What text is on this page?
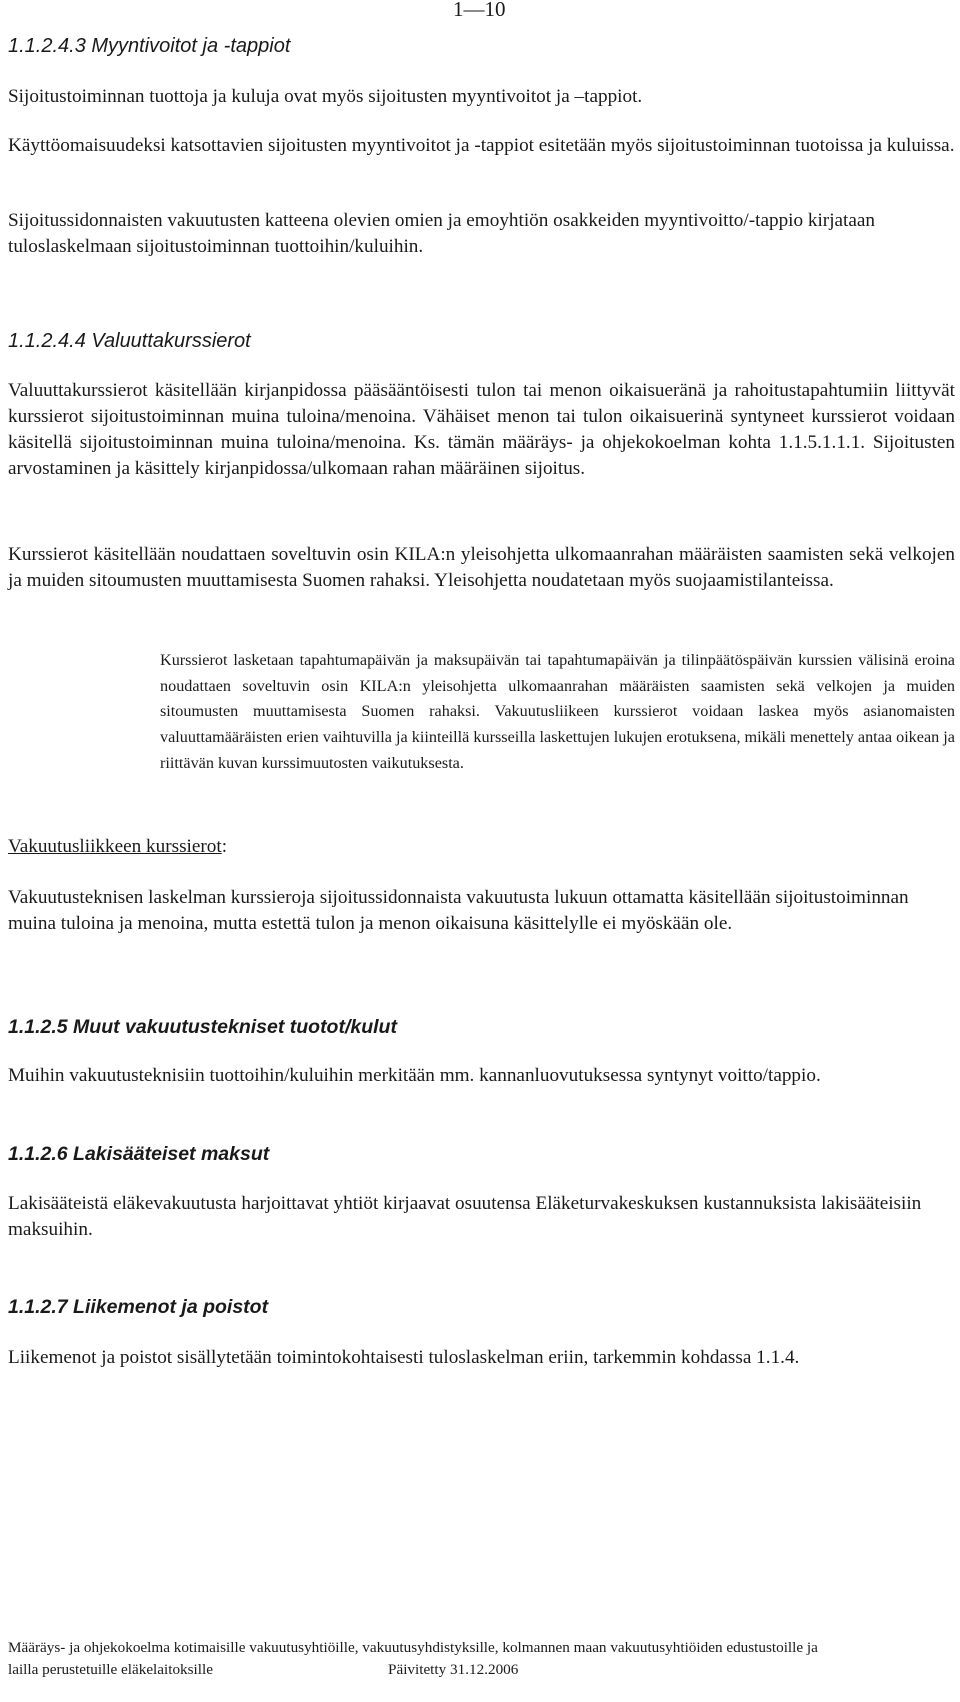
1—10
1.1.2.4.3 Myyntivoitot ja -tappiot
Sijoitustoiminnan tuottoja ja kuluja ovat myös sijoitusten myyntivoitot ja –tappiot.
Käyttöomaisuudeksi katsottavien sijoitusten myyntivoitot ja -tappiot esitetään myös sijoitustoiminnan tuotoissa ja kuluissa.
Sijoitussidonnaisten vakuutusten katteena olevien omien ja emoyhtiön osakkeiden myyntivoitto/-tappio kirjataan tuloslaskelmaan sijoitustoiminnan tuottoihin/kuluihin.
1.1.2.4.4 Valuuttakurssierot
Valuuttakurssierot käsitellään kirjanpidossa pääsääntöisesti tulon tai menon oikaisueränä ja rahoitustapahtumiin liittyvät kurssierot sijoitustoiminnan muina tuloina/menoina. Vähäiset menon tai tulon oikaisuerinä syntyneet kurssierot voidaan käsitellä sijoitustoiminnan muina tuloina/menoina. Ks. tämän määräys- ja ohjekokoelman kohta 1.1.5.1.1.1. Sijoitusten arvostaminen ja käsittely kirjanpidossa/ulkomaan rahan määräinen sijoitus.
Kurssierot käsitellään noudattaen soveltuvin osin KILA:n yleisohjetta ulkomaanrahan määräisten saamisten sekä velkojen ja muiden sitoumusten muuttamisesta Suomen rahaksi. Yleisohjetta noudatetaan myös suojaamistilanteissa.
Kurssierot lasketaan tapahtumapäivän ja maksupäivän tai tapahtumapäivän ja tilinpäätöspäivän kurssien välisinä eroina noudattaen soveltuvin osin KILA:n yleisohjetta ulkomaanrahan määräisten saamisten sekä velkojen ja muiden sitoumusten muuttamisesta Suomen rahaksi. Vakuutusliikeen kurssierot voidaan laskea myös asianomaisten valuuttamääräisten erien vaihtuvilla ja kiinteillä kursseilla laskettujen lukujen erotuksena, mikäli menettely antaa oikean ja riittävän kuvan kurssimuutosten vaikutuksesta.
Vakuutusliikkeen kurssierot:
Vakuutusteknisen laskelman kurssieroja sijoitussidonnaista vakuutusta lukuun ottamatta käsitellään sijoitustoiminnan muina tuloina ja menoina, mutta estettä tulon ja menon oikaisuna käsittelylle ei myöskään ole.
1.1.2.5 Muut vakuutustekniset tuotot/kulut
Muihin vakuutusteknisiin tuottoihin/kuluihin merkitään mm. kannanluovutuksessa syntynyt voitto/tappio.
1.1.2.6 Lakisääteiset maksut
Lakisääteistä eläkevakuutusta harjoittavat yhtiöt kirjaavat osuutensa Eläketurvakeskuksen kustannuksista lakisääteisiin maksuihin.
1.1.2.7 Liikemenot ja poistot
Liikemenot ja poistot sisällytetään toimintokohtaisesti tuloslaskelman eriin, tarkemmin kohdassa 1.1.4.
Määräys- ja ohjekokoelma kotimaisille vakuutusyhtiöille, vakuutusyhdistyksille, kolmannen maan vakuutusyhtiöiden edustustoille ja
lailla perustetuille eläkelaitoksille	Päivitetty 31.12.2006
